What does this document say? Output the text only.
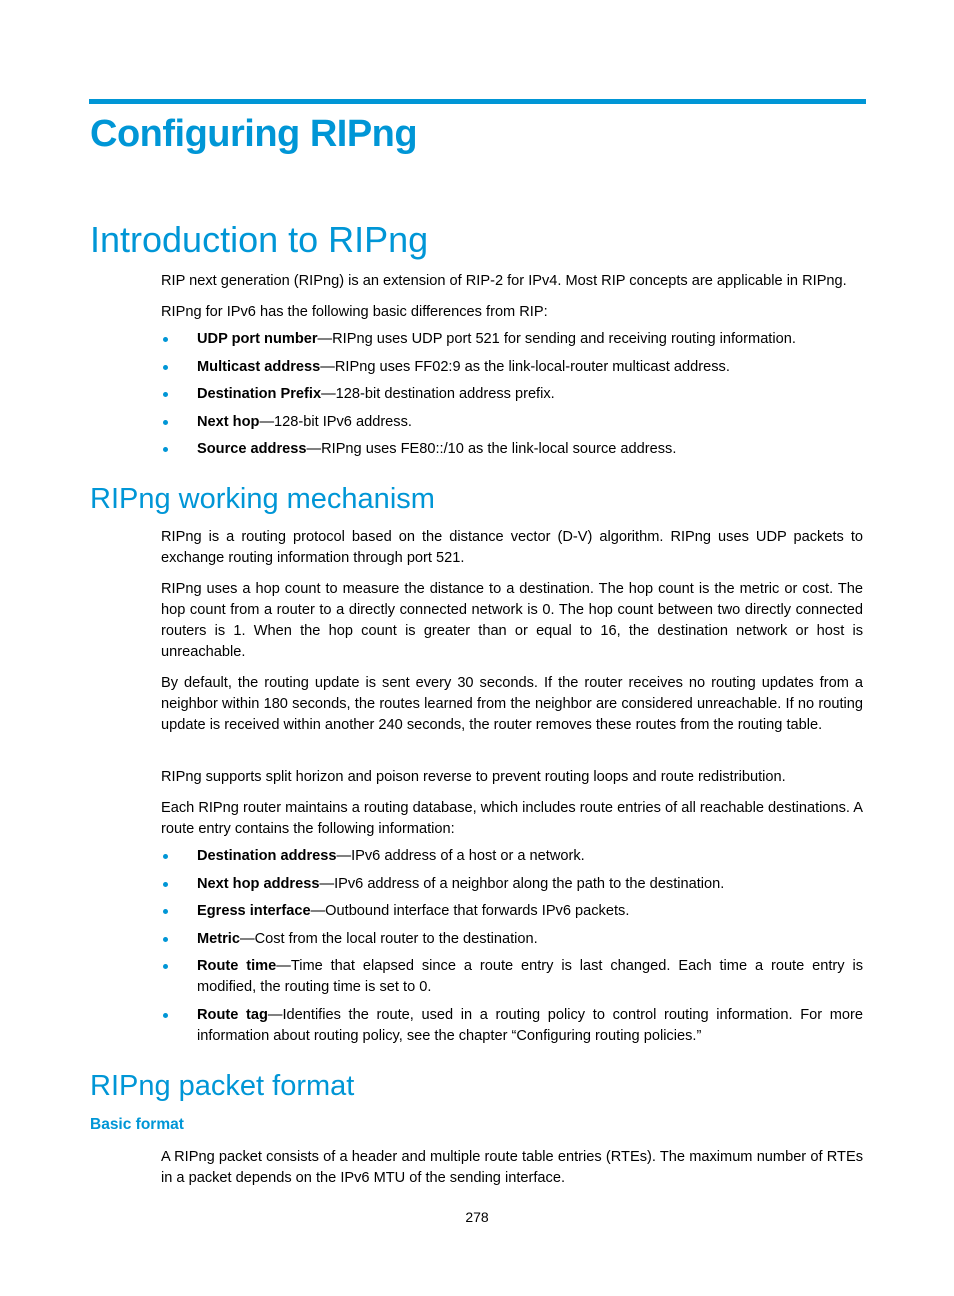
Configuring RIPng
Introduction to RIPng

RIP next generation (RIPng) is an extension of RIP-2 for IPv4. Most RIP concepts are applicable in RIPng.

RIPng for IPv6 has the following basic differences from RIP:

UDP port number—RIPng uses UDP port 521 for sending and receiving routing information.
Multicast address—RIPng uses FF02:9 as the link-local-router multicast address.
Destination Prefix—128-bit destination address prefix.
Next hop—128-bit IPv6 address.
Source address—RIPng uses FE80::/10 as the link-local source address.
RIPng working mechanism

RIPng is a routing protocol based on the distance vector (D-V) algorithm. RIPng uses UDP packets to exchange routing information through port 521.

RIPng uses a hop count to measure the distance to a destination. The hop count is the metric or cost. The hop count from a router to a directly connected network is 0. The hop count between two directly connected routers is 1. When the hop count is greater than or equal to 16, the destination network or host is unreachable.

By default, the routing update is sent every 30 seconds. If the router receives no routing updates from a neighbor within 180 seconds, the routes learned from the neighbor are considered unreachable. If no routing update is received within another 240 seconds, the router removes these routes from the routing table.

RIPng supports split horizon and poison reverse to prevent routing loops and route redistribution.

Each RIPng router maintains a routing database, which includes route entries of all reachable destinations. A route entry contains the following information:

Destination address—IPv6 address of a host or a network.
Next hop address—IPv6 address of a neighbor along the path to the destination.
Egress interface—Outbound interface that forwards IPv6 packets.
Metric—Cost from the local router to the destination.
Route time—Time that elapsed since a route entry is last changed. Each time a route entry is modified, the routing time is set to 0.
Route tag—Identifies the route, used in a routing policy to control routing information. For more information about routing policy, see the chapter “Configuring routing policies.”
RIPng packet format
Basic format

A RIPng packet consists of a header and multiple route table entries (RTEs). The maximum number of RTEs in a packet depends on the IPv6 MTU of the sending interface.

278
